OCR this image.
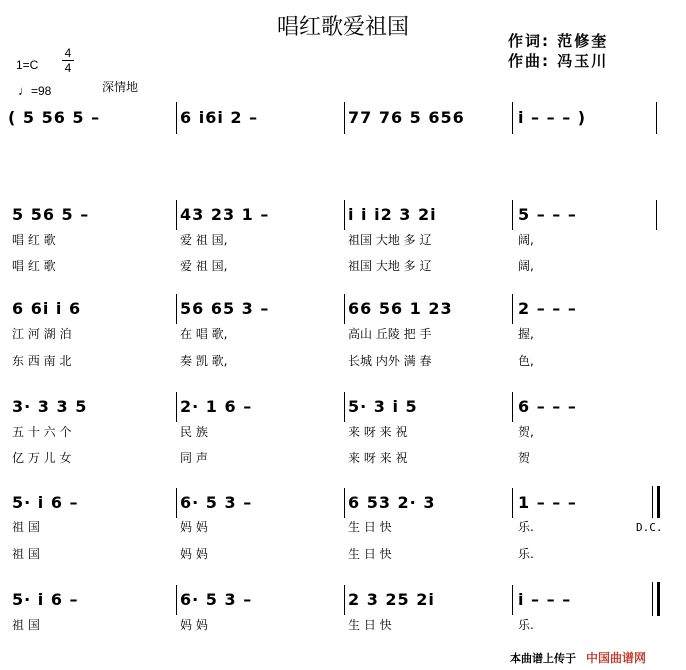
唱红歌爱祖国
作词: 范修奎
作曲: 冯玉川
1=C
4
4
♩=98	深情地
( 5 56 5 –	6 i6i 2 –	77 76 5 656	i – – – )
5 56 5 –	43 23 1 –	i i i2 3 2i	5 – – –
唱 红 歌	爱 祖 国,	祖国 大地 多 辽	阔,
唱 红 歌	爱 祖 国,	祖国 大地 多 辽	阔,
6 6i i 6	56 65 3 –	66 56 1 23	2 – – –
江 河 湖 泊	在 唱 歌,	高山 丘陵 把 手	握,
东 西 南 北	奏 凯 歌,	长城 内外 满 春	色,
3· 3 3 5	2· 1 6 –	5· 3 i 5	6 – – –
五 十 六 个	民 族	来 呀 来 祝	贺,
亿 万 儿 女	同 声	来 呀 来 祝	贺
5· i 6 –	6· 5 3 –	6 53 2· 3	1 – – –
祖 国	妈 妈	生 日 快	乐.
祖 国	妈 妈	生 日 快	乐.
D.C.
5· i 6 –	6· 5 3 –	2 3 25 2i	i – – –
祖 国	妈 妈	生 日 快	乐.
本曲谱上传于 中国曲谱网
